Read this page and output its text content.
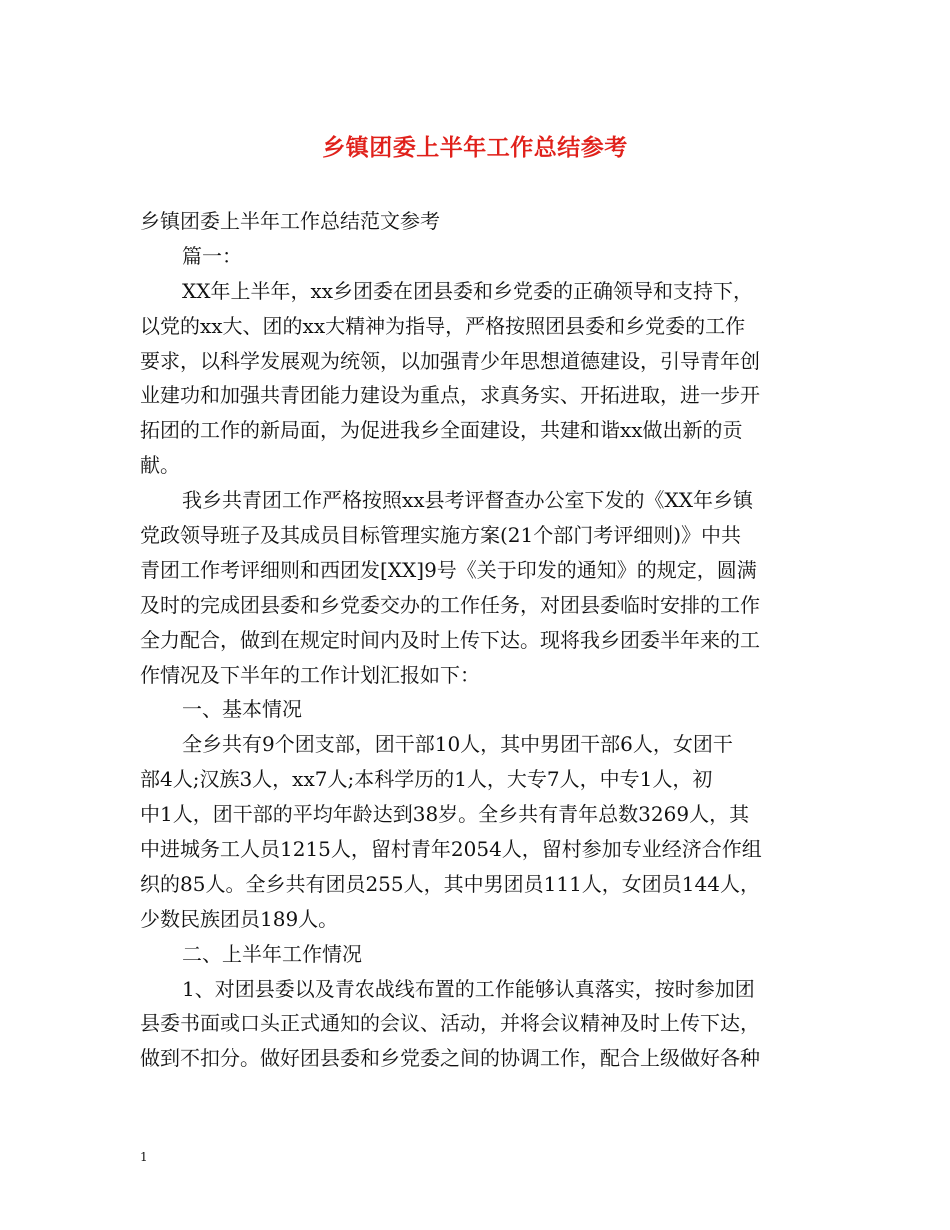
乡镇团委上半年工作总结参考
乡镇团委上半年工作总结范文参考
篇一：
XX年上半年，xx乡团委在团县委和乡党委的正确领导和支持下，
以党的xx大、团的xx大精神为指导，严格按照团县委和乡党委的工作
要求，以科学发展观为统领，以加强青少年思想道德建设，引导青年创
业建功和加强共青团能力建设为重点，求真务实、开拓进取，进一步开
拓团的工作的新局面，为促进我乡全面建设，共建和谐xx做出新的贡
献。
我乡共青团工作严格按照xx县考评督查办公室下发的《XX年乡镇
党政领导班子及其成员目标管理实施方案(21个部门考评细则)》中共
青团工作考评细则和西团发[XX]9号《关于印发的通知》的规定，圆满
及时的完成团县委和乡党委交办的工作任务，对团县委临时安排的工作
全力配合，做到在规定时间内及时上传下达。现将我乡团委半年来的工
作情况及下半年的工作计划汇报如下：
一、基本情况
全乡共有9个团支部，团干部10人，其中男团干部6人，女团干
部4人;汉族3人，xx7人;本科学历的1人，大专7人，中专1人，初
中1人，团干部的平均年龄达到38岁。全乡共有青年总数3269人，其
中进城务工人员1215人，留村青年2054人，留村参加专业经济合作组
织的85人。全乡共有团员255人，其中男团员111人，女团员144人，
少数民族团员189人。
二、上半年工作情况
1、对团县委以及青农战线布置的工作能够认真落实，按时参加团
县委书面或口头正式通知的会议、活动，并将会议精神及时上传下达，
做到不扣分。做好团县委和乡党委之间的协调工作，配合上级做好各种
1
